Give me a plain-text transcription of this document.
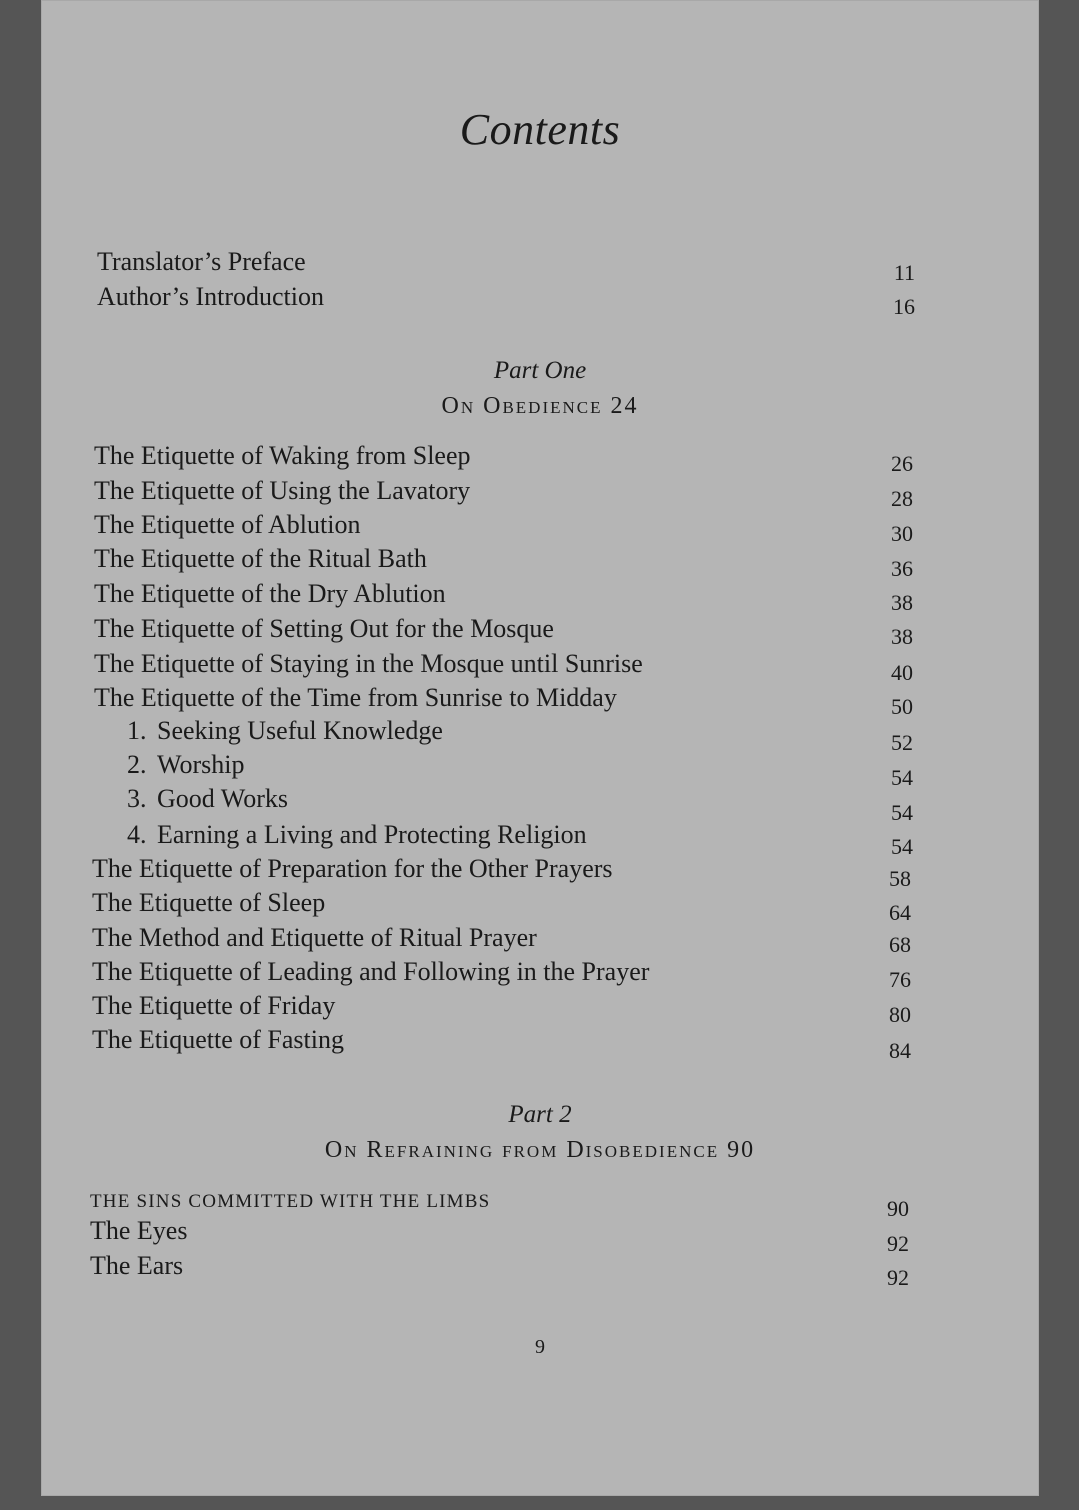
Contents
Translator’s Preface	11
Author’s Introduction	16
Part One
On Obedience 24
The Etiquette of Waking from Sleep	26
The Etiquette of Using the Lavatory	28
The Etiquette of Ablution	30
The Etiquette of the Ritual Bath	36
The Etiquette of the Dry Ablution	38
The Etiquette of Setting Out for the Mosque	38
The Etiquette of Staying in the Mosque until Sunrise	40
The Etiquette of the Time from Sunrise to Midday	50
1. Seeking Useful Knowledge	52
2. Worship	54
3. Good Works	54
4. Earning a Living and Protecting Religion	54
The Etiquette of Preparation for the Other Prayers	58
The Etiquette of Sleep	64
The Method and Etiquette of Ritual Prayer	68
The Etiquette of Leading and Following in the Prayer	76
The Etiquette of Friday	80
The Etiquette of Fasting	84
Part 2
On Refraining from Disobedience 90
THE SINS COMMITTED WITH THE LIMBS	90
The Eyes	92
The Ears	92
9
